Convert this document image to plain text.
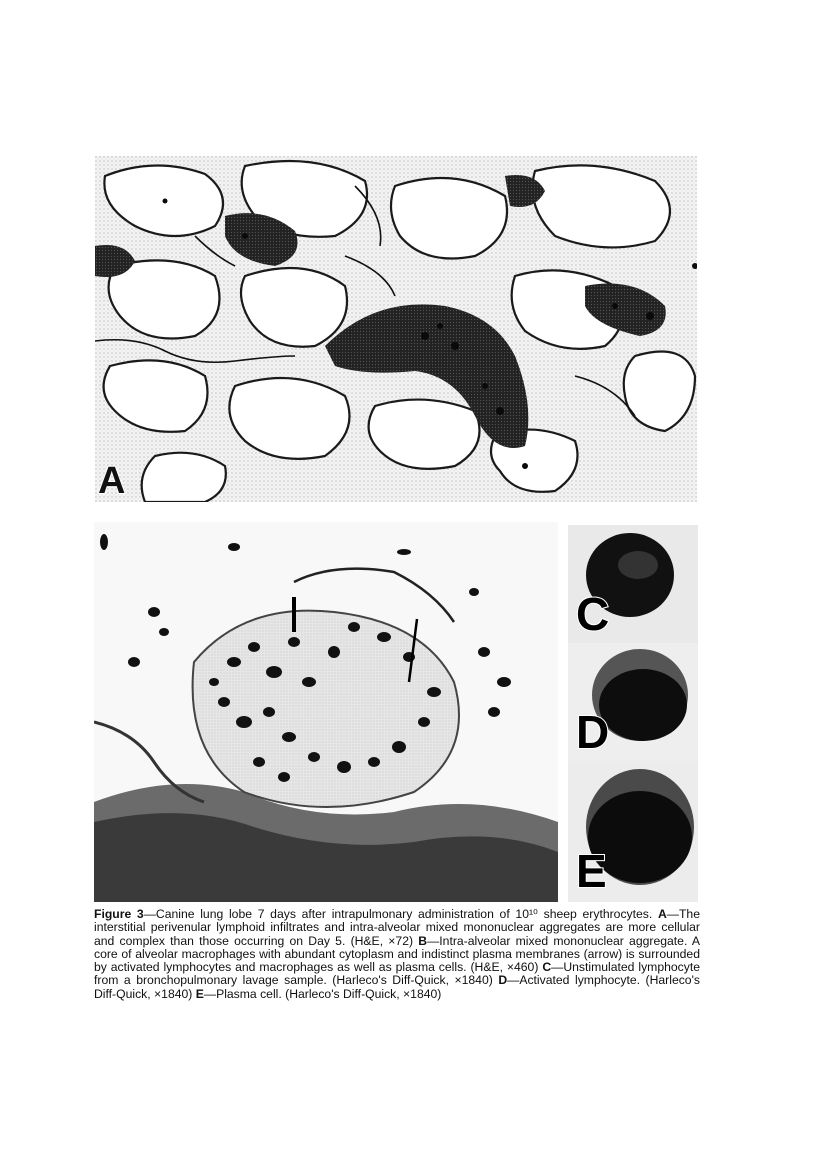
A
C
D
E
Figure 3—Canine lung lobe 7 days after intrapulmonary administration of 10¹⁰ sheep erythrocytes. A—The interstitial perivenular lymphoid infiltrates and intra-alveolar mixed mononuclear aggregates are more cellular and complex than those occurring on Day 5. (H&E, ×72) B—Intra-alveolar mixed mononuclear aggregate. A core of alveolar macrophages with abundant cytoplasm and indistinct plasma membranes (arrow) is surrounded by activated lymphocytes and macrophages as well as plasma cells. (H&E, ×460) C—Unstimulated lymphocyte from a bronchopulmonary lavage sample. (Harleco's Diff-Quick, ×1840) D—Activated lymphocyte. (Harleco's Diff-Quick, ×1840) E—Plasma cell. (Harleco's Diff-Quick, ×1840)
